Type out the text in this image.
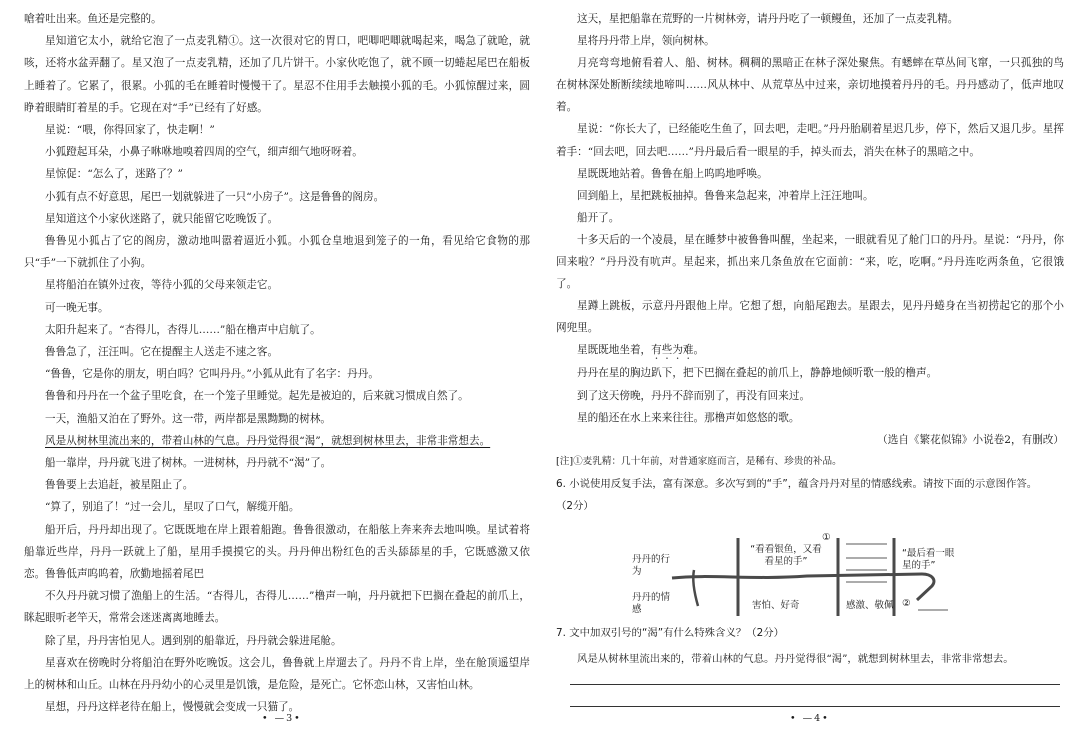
嗆着吐出来。鱼还是完整的。

星知道它太小，就给它泡了一点麦乳精①。这一次很对它的胃口，吧唧吧唧就喝起来，喝急了就呛，就咳，还将水盆弄翻了。星又泡了一点麦乳精，还加了几片饼干。小家伙吃饱了，就不顾一切蜷起尾巴在船板上睡着了。它累了，很累。小狐的毛在睡着时慢慢干了。星忍不住用手去触摸小狐的毛。小狐惊醒过来，圆睁着眼睛盯着星的手。它现在对“手”已经有了好感。

星说：“喂，你得回家了，快走啊！”

小狐蹬起耳朵，小鼻子咻咻地嗅着四周的空气，细声细气地呀呀着。

星惊促：“怎么了，迷路了？”

小狐有点不好意思，尾巴一划就躲进了一只“小房子”。这是鲁鲁的阁房。

星知道这个小家伙迷路了，就只能留它吃晚饭了。

鲁鲁见小狐占了它的阁房，激动地叫嚣着逼近小狐。小狐仓皇地退到笼子的一角，看见给它食物的那只“手”一下就抓住了小狗。

星将船泊在镇外过夜，等待小狐的父母来领走它。

可一晚无事。

太阳升起来了。“杏得儿，杏得儿……”船在橹声中启航了。

鲁鲁急了，汪汪叫。它在提醒主人送走不速之客。

“鲁鲁，它是你的朋友，明白吗？它叫丹丹。”小狐从此有了名字：丹丹。

鲁鲁和丹丹在一个盆子里吃食，在一个笼子里睡觉。起先是被迫的，后来就习惯成自然了。

一天，渔船又泊在了野外。这一带，两岸都是黑黝黝的树林。

风是从树林里流出来的，带着山林的气息。丹丹觉得很“渴”，就想到树林里去，非常非常想去。

船一靠岸，丹丹就飞进了树林。一进树林，丹丹就不“渴”了。

鲁鲁要上去追赶，被星阻止了。

“算了，别追了！”过一会儿，星叹了口气，解缆开船。

船开后，丹丹却出现了。它既既地在岸上跟着船跑。鲁鲁很激动，在船舷上奔来奔去地叫唤。星试着将船靠近些岸，丹丹一跃就上了船，星用手摸摸它的头。丹丹伸出粉红色的舌头舔舔星的手，它既感激又依恋。鲁鲁低声呜呜着，欣勤地摇着尾巴

不久丹丹就习惯了漁船上的生活。“杏得儿，杏得儿……”橹声一响，丹丹就把下巴搁在叠起的前爪上，眯起眼听老竿天，常常会迷迷离离地睡去。

除了星，丹丹害怕见人。遇到别的船靠近，丹丹就会躲进尾舱。

星喜欢在傍晚时分将船泊在野外吃晚饭。这会儿，鲁鲁就上岸遛去了。丹丹不肯上岸，坐在舱顶遥望岸上的树林和山丘。山林在丹丹幼小的心灵里是饥饿，是危险，是死亡。它怀恋山林，又害怕山林。

星想，丹丹这样老待在船上，慢慢就会变成一只猫了。

• —3•

这天，星把船靠在荒野的一片树林旁，请丹丹吃了一顿鳗鱼，还加了一点麦乳精。

星将丹丹带上岸，领向树林。

月亮弯弯地俯看着人、船、树林。稠稠的黑暗正在林子深处聚焦。有蟋蟀在草丛间飞窜，一只孤独的鸟在树林深处断断续续地啼叫……风从林中、从荒草丛中过来，亲切地摸着丹丹的毛。丹丹感动了，低声地叹着。

星说：“你长大了，已经能吃生鱼了，回去吧，走吧。”丹丹胎刷着星迟几步，停下，然后又退几步。星挥着手：“回去吧，回去吧……”丹丹最后看一眼星的手，掉头而去，消失在林子的黑暗之中。

星既既地站着。鲁鲁在船上呜呜地呼唤。

回到船上，星把跳板抽掉。鲁鲁来急起来，冲着岸上汪汪地叫。

船开了。

十多天后的一个凌晨，星在睡梦中被鲁鲁叫醒，坐起来，一眼就看见了舱门口的丹丹。星说：“丹丹，你回来啦？”丹丹没有吭声。星起来，抓出来几条鱼放在它面前：“来，吃，吃啊。”丹丹连吃两条鱼，它很饿了。

星蹲上跳板，示意丹丹跟他上岸。它想了想，向船尾跑去。星跟去，见丹丹蜷身在当初捞起它的那个小网兜里。

星既既地坐着，有些为难。

丹丹在星的胸边趴下，把下巴搁在叠起的前爪上，静静地倾听歌一般的橹声。

到了这天傍晚，丹丹不辞而别了，再没有回来过。

星的船还在水上来来往往。那橹声如悠悠的歌。

（选自《繁花似锦》小说卷2，有删改）

[注]①麦乳精：几十年前，对普通家庭而言，是稀有、珍贵的补品。

6. 小说使用反复手法，富有深意。多次写到的“手”，蕴含丹丹对星的情感线索。请按下面的示意图作答。

（2分）

丹丹的行为
丹丹的情感
“看看银鱼，又看看星的手”
①
“最后看一眼星的手”
害怕、好奇	感激、敬佩 ②

7. 文中加双引号的“渴”有什么特殊含义？（2分）

风是从树林里流出来的，带着山林的气息。丹丹觉得很“渴”，就想到树林里去，非常非常想去。

• —4•
